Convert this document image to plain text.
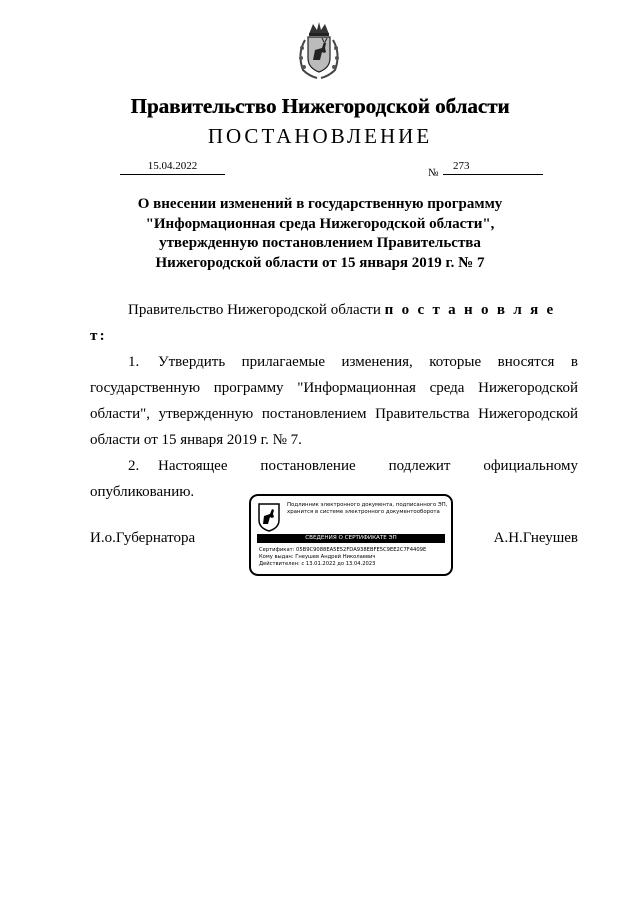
Правительство Нижегородской области
ПОСТАНОВЛЕНИЕ
15.04.2022
№
273
О внесении изменений в государственную программу
"Информационная среда Нижегородской области",
утвержденную постановлением Правительства
Нижегородской области от 15 января 2019 г. № 7
Правительство Нижегородской области п о с т а н о в л я е т:
1. Утвердить прилагаемые изменения, которые вносятся в государственную программу "Информационная среда Нижегородской области", утвержденную постановлением Правительства Нижегородской области от 15 января 2019 г. № 7.
2. Настоящее постановление подлежит официальному опубликованию.
И.о.Губернатора
Подлинник электронного документа, подписанного ЭП, хранится в системе электронного документооборота
СВЕДЕНИЯ О СЕРТИФИКАТЕ ЭП
Сертификат: 05B9C9088EA5E52FDA938EBFE5C9EE2C7F4409E
Кому выдан: Гнеушев Андрей Николаевич
Действителен: с 13.01.2022 до 13.04.2023
А.Н.Гнеушев
